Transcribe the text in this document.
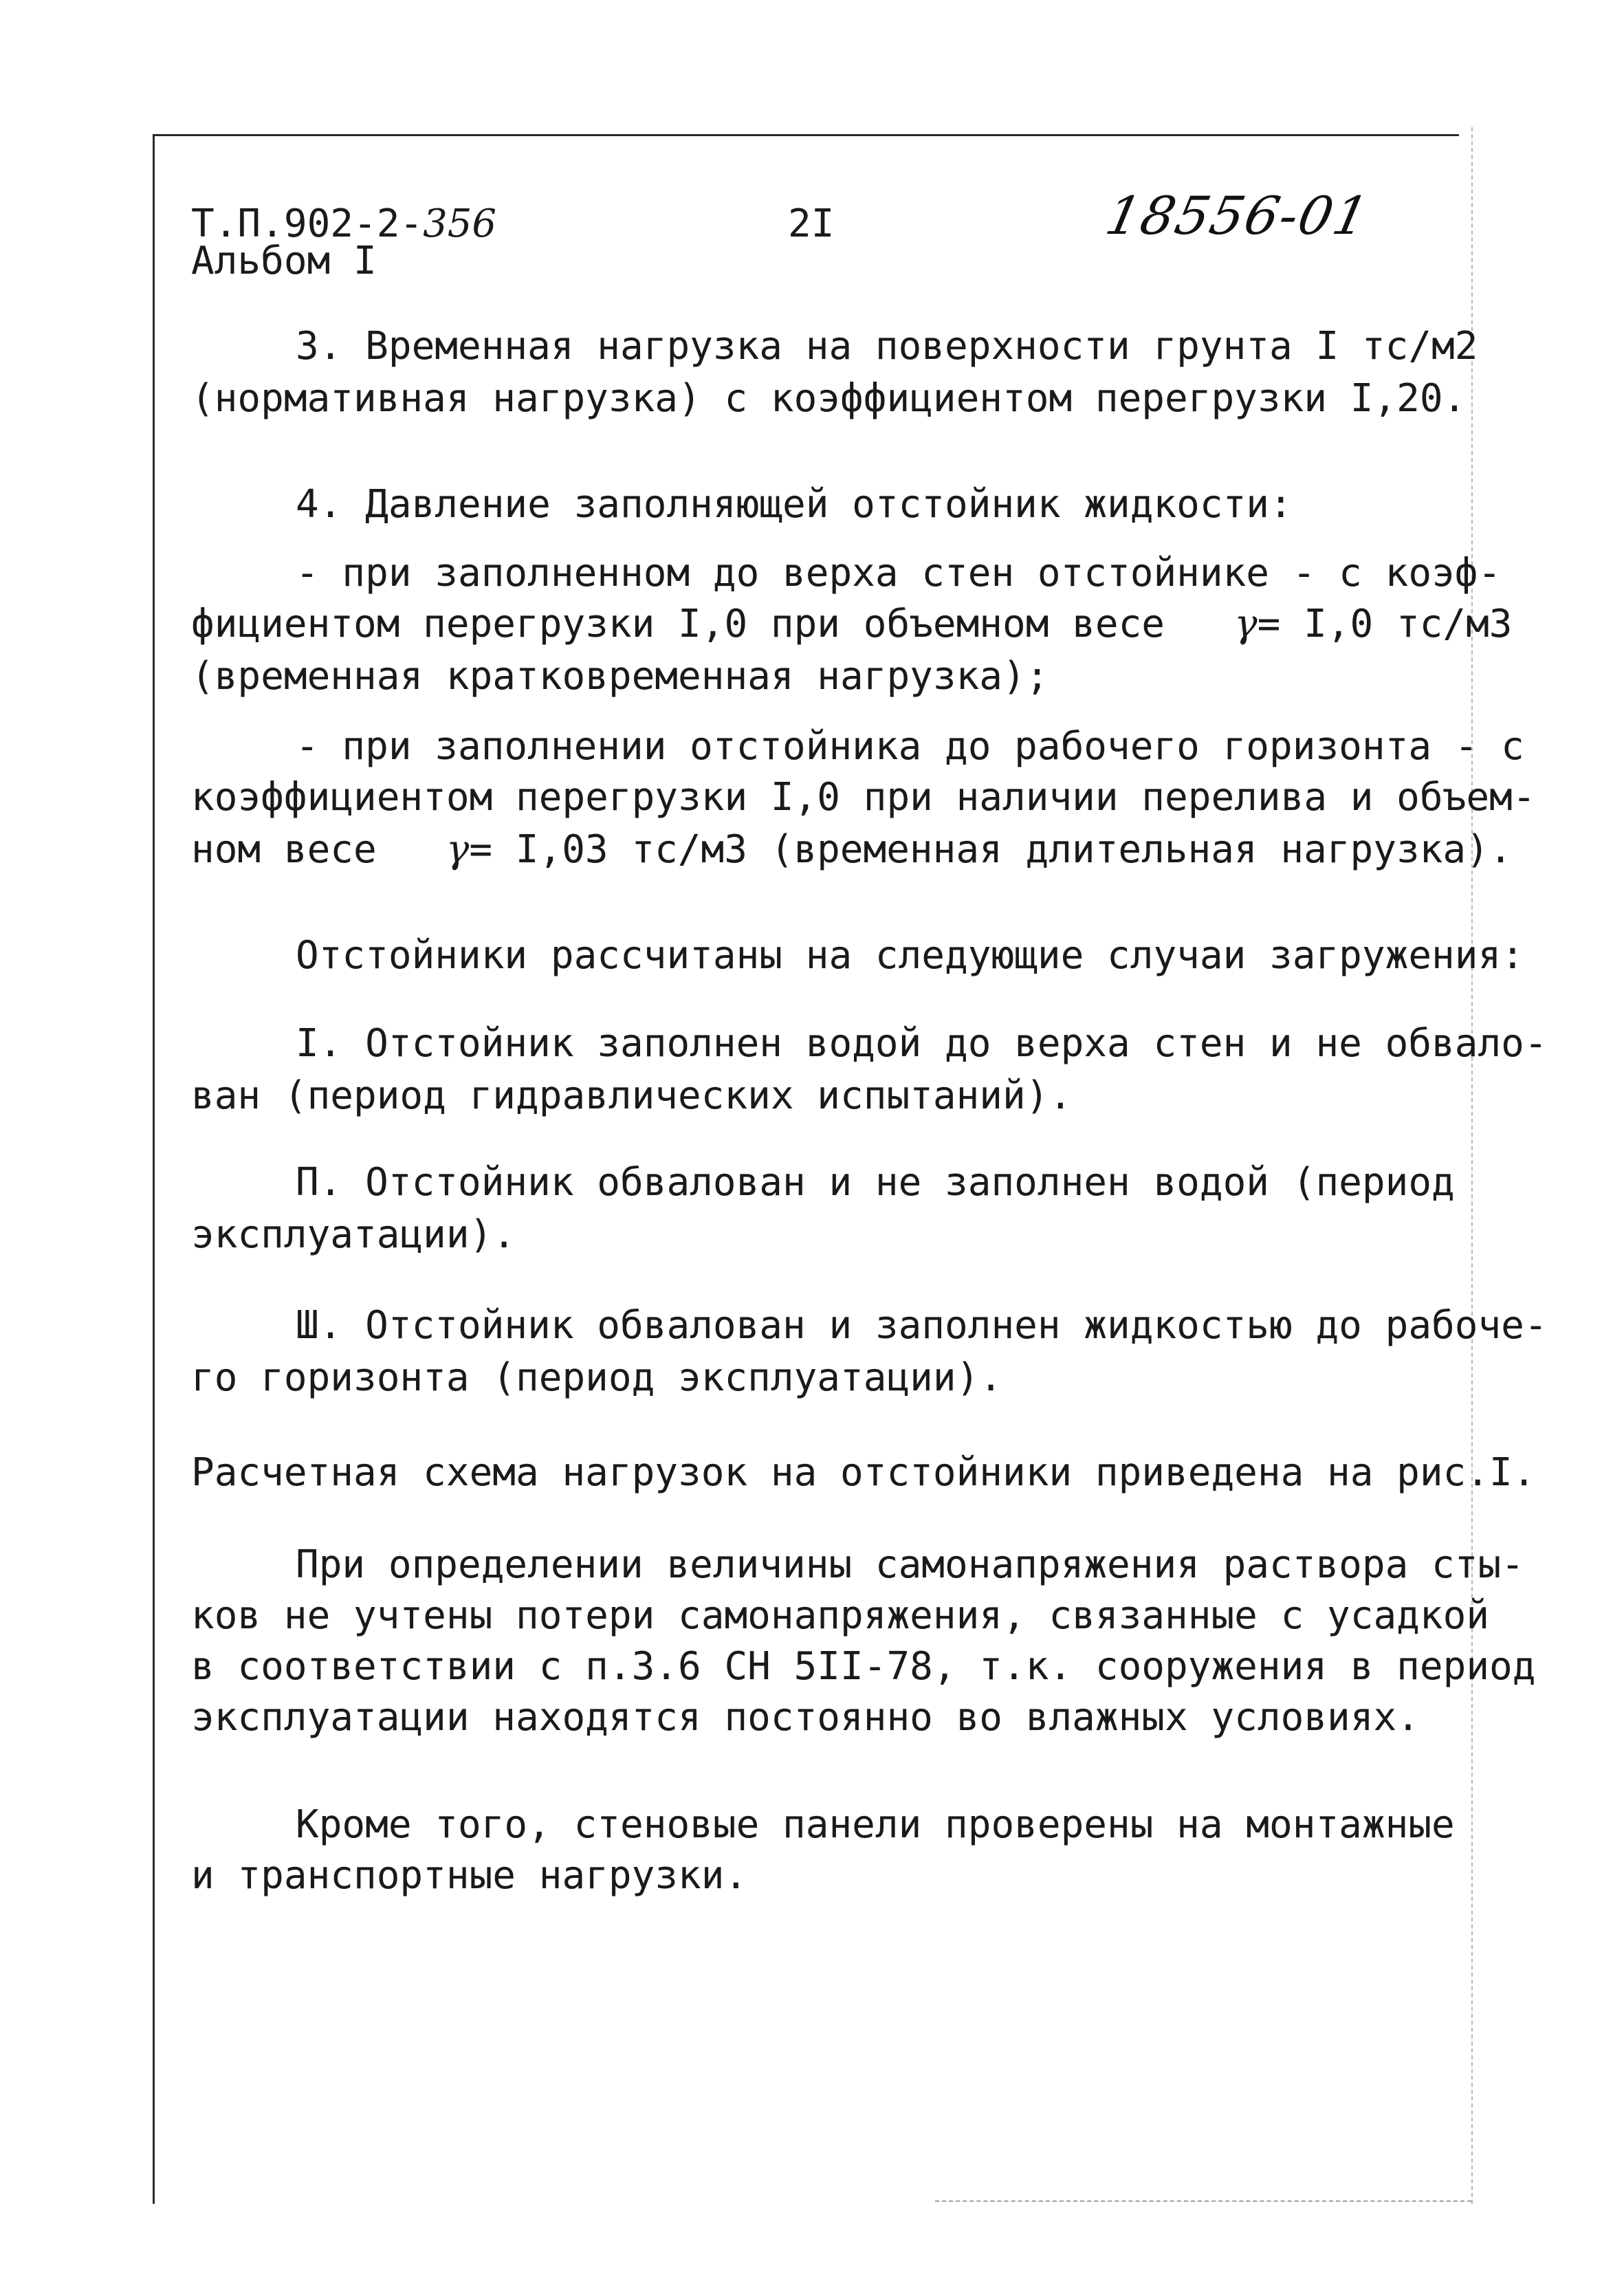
Т.П.902-2-356
Альбом I
2I	18556-01
3. Временная нагрузка на поверхности грунта I тс/м2
(нормативная нагрузка) с коэффициентом перегрузки I,20.
4. Давление заполняющей отстойник жидкости:
- при заполненном до верха стен отстойнике - с коэф-
фициентом перегрузки I,0 при объемном весе γ= I,0 тс/м3
(временная кратковременная нагрузка);
- при заполнении отстойника до рабочего горизонта - с
коэффициентом перегрузки I,0 при наличии перелива и объем-
ном весе γ= I,03 тс/м3 (временная длительная нагрузка).
Отстойники рассчитаны на следующие случаи загружения:
I. Отстойник заполнен водой до верха стен и не обвало-
ван (период гидравлических испытаний).
П. Отстойник обвалован и не заполнен водой (период
эксплуатации).
Ш. Отстойник обвалован и заполнен жидкостью до рабоче-
го горизонта (период эксплуатации).
Расчетная схема нагрузок на отстойники приведена на рис.I.
При определении величины самонапряжения раствора сты-
ков не учтены потери самонапряжения, связанные с усадкой
в соответствии с п.3.6 СН 5II-78, т.к. сооружения в период
эксплуатации находятся постоянно во влажных условиях.
Кроме того, стеновые панели проверены на монтажные
и транспортные нагрузки.
